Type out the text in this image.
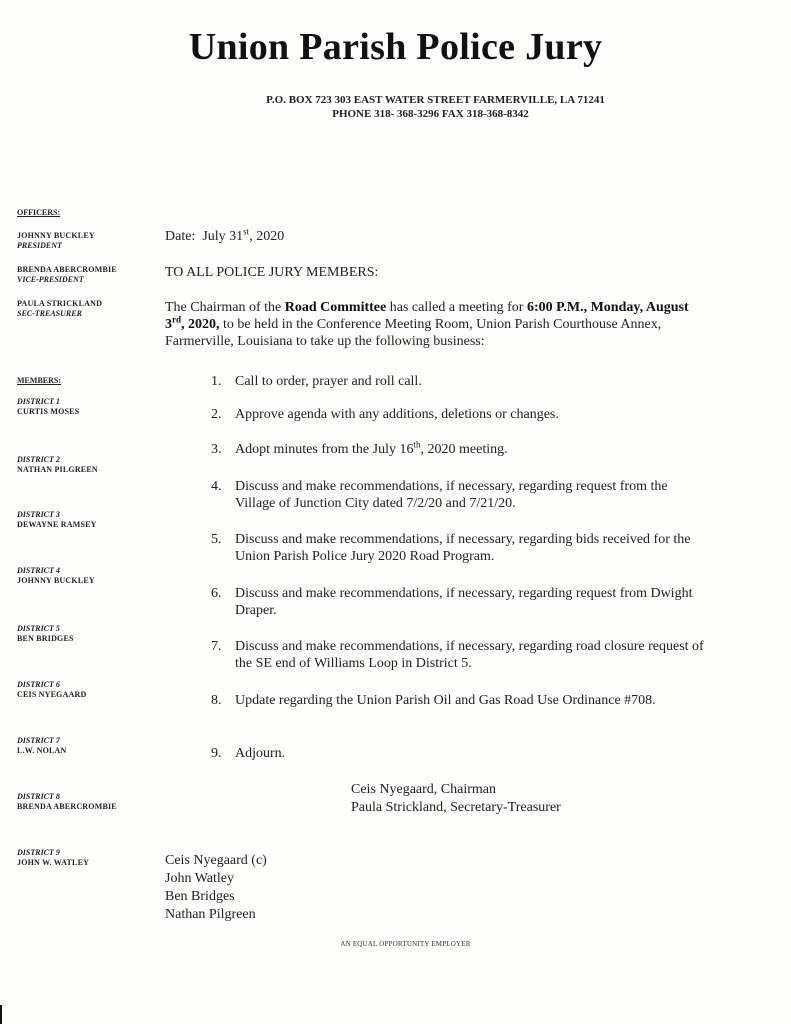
Union Parish Police Jury
P.O. BOX 723 303 EAST WATER STREET FARMERVILLE, LA 71241
PHONE 318- 368-3296 FAX 318-368-8342
OFFICERS:
JOHNNY BUCKLEY
PRESIDENT
BRENDA ABERCROMBIE
VICE-PRESIDENT
PAULA STRICKLAND
SEC-TREASURER
MEMBERS:
DISTRICT 1
CURTIS MOSES
DISTRICT 2
NATHAN PILGREEN
DISTRICT 3
DEWAYNE RAMSEY
DISTRICT 4
JOHNNY BUCKLEY
DISTRICT 5
BEN BRIDGES
DISTRICT 6
CEIS NYEGAARD
DISTRICT 7
L.W. NOLAN
DISTRICT 8
BRENDA ABERCROMBIE
DISTRICT 9
JOHN W. WATLEY
Date: July 31st, 2020
TO ALL POLICE JURY MEMBERS:
The Chairman of the Road Committee has called a meeting for 6:00 P.M., Monday, August 3rd, 2020, to be held in the Conference Meeting Room, Union Parish Courthouse Annex, Farmerville, Louisiana to take up the following business:
1. Call to order, prayer and roll call.
2. Approve agenda with any additions, deletions or changes.
3. Adopt minutes from the July 16th, 2020 meeting.
4. Discuss and make recommendations, if necessary, regarding request from the Village of Junction City dated 7/2/20 and 7/21/20.
5. Discuss and make recommendations, if necessary, regarding bids received for the Union Parish Police Jury 2020 Road Program.
6. Discuss and make recommendations, if necessary, regarding request from Dwight Draper.
7. Discuss and make recommendations, if necessary, regarding road closure request of the SE end of Williams Loop in District 5.
8. Update regarding the Union Parish Oil and Gas Road Use Ordinance #708.
9. Adjourn.
Ceis Nyegaard, Chairman
Paula Strickland, Secretary-Treasurer
Ceis Nyegaard (c)
John Watley
Ben Bridges
Nathan Pilgreen
AN EQUAL OPPORTUNITY EMPLOYER
